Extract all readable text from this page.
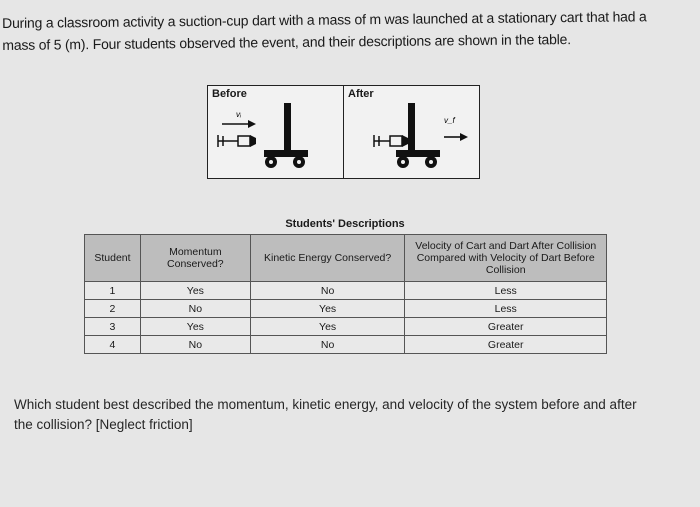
During a classroom activity a suction-cup dart with a mass of m was launched at a stationary cart that had a

mass of 5 (m). Four students observed the event, and their descriptions are shown in the table.

Before
vᵢ
After
v_f
Students' Descriptions
Student	Momentum Conserved?	Kinetic Energy Conserved?	Velocity of Cart and Dart After Collision Compared with Velocity of Dart Before Collision
1	Yes	No	Less
2	No	Yes	Less
3	Yes	Yes	Greater
4	No	No	Greater

Which student best described the momentum, kinetic energy, and velocity of the system before and after

the collision? [Neglect friction]
